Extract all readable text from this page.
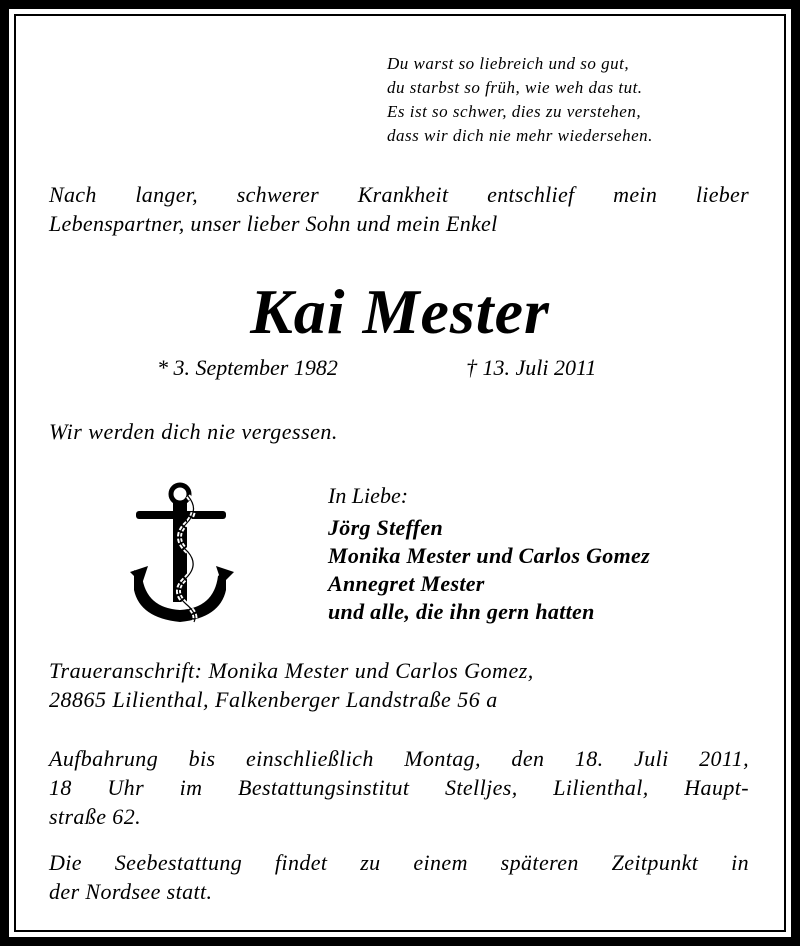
Du warst so liebreich und so gut,
du starbst so früh, wie weh das tut.
Es ist so schwer, dies zu verstehen,
dass wir dich nie mehr wiedersehen.
Nach langer, schwerer Krankheit entschlief mein lieber
Lebenspartner, unser lieber Sohn und mein Enkel
Kai Mester
* 3. September 1982	† 13. Juli 2011
Wir werden dich nie vergessen.
In Liebe:
Jörg Steffen
Monika Mester und Carlos Gomez
Annegret Mester
und alle, die ihn gern hatten
Traueranschrift: Monika Mester und Carlos Gomez,
28865 Lilienthal, Falkenberger Landstraße 56 a
Aufbahrung bis einschließlich Montag, den 18. Juli 2011,
18 Uhr im Bestattungsinstitut Stelljes, Lilienthal, Haupt-
straße 62.
Die Seebestattung findet zu einem späteren Zeitpunkt in
der Nordsee statt.
